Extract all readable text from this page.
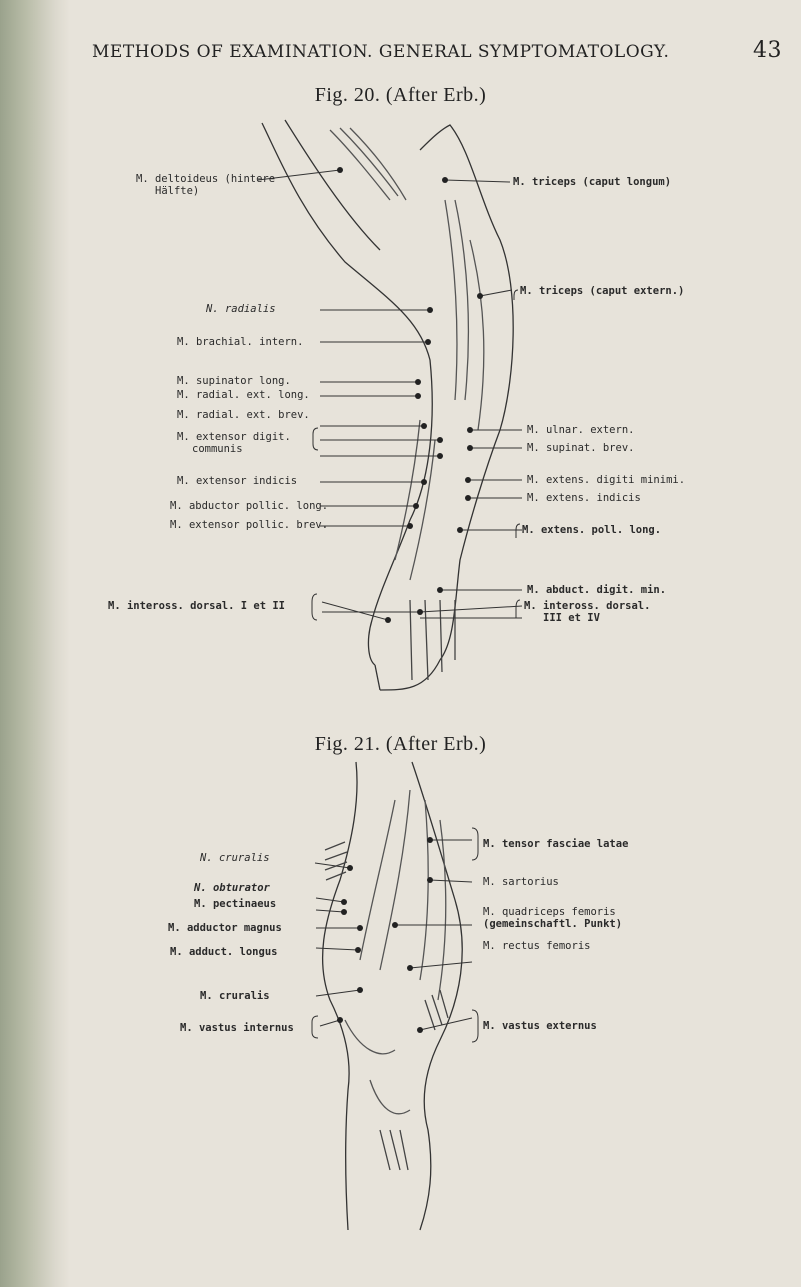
METHODS OF EXAMINATION. GENERAL SYMPTOMATOLOGY.	43
Fig. 20. (After Erb.)
M. deltoideus (hintere
Hälfte)
N. radialis
M. brachial. intern.
M. supinator long.
M. radial. ext. long.
M. radial. ext. brev.
M. extensor digit.
communis
M. extensor indicis
M. abductor pollic. long.
M. extensor pollic. brev.
M. inteross. dorsal. I et II
M. triceps (caput longum)
M. triceps (caput extern.)
M. ulnar. extern.
M. supinat. brev.
M. extens. digiti minimi.
M. extens. indicis
M. extens. poll. long.
M. abduct. digit. min.
M. inteross. dorsal.
III et IV
Fig. 21. (After Erb.)
N. cruralis
N. obturator
M. pectinaeus
M. adductor magnus
M. adduct. longus
M. cruralis
M. vastus internus
M. tensor fasciae latae
M. sartorius
M. quadriceps femoris
(gemeinschaftl. Punkt)
M. rectus femoris
M. vastus externus
